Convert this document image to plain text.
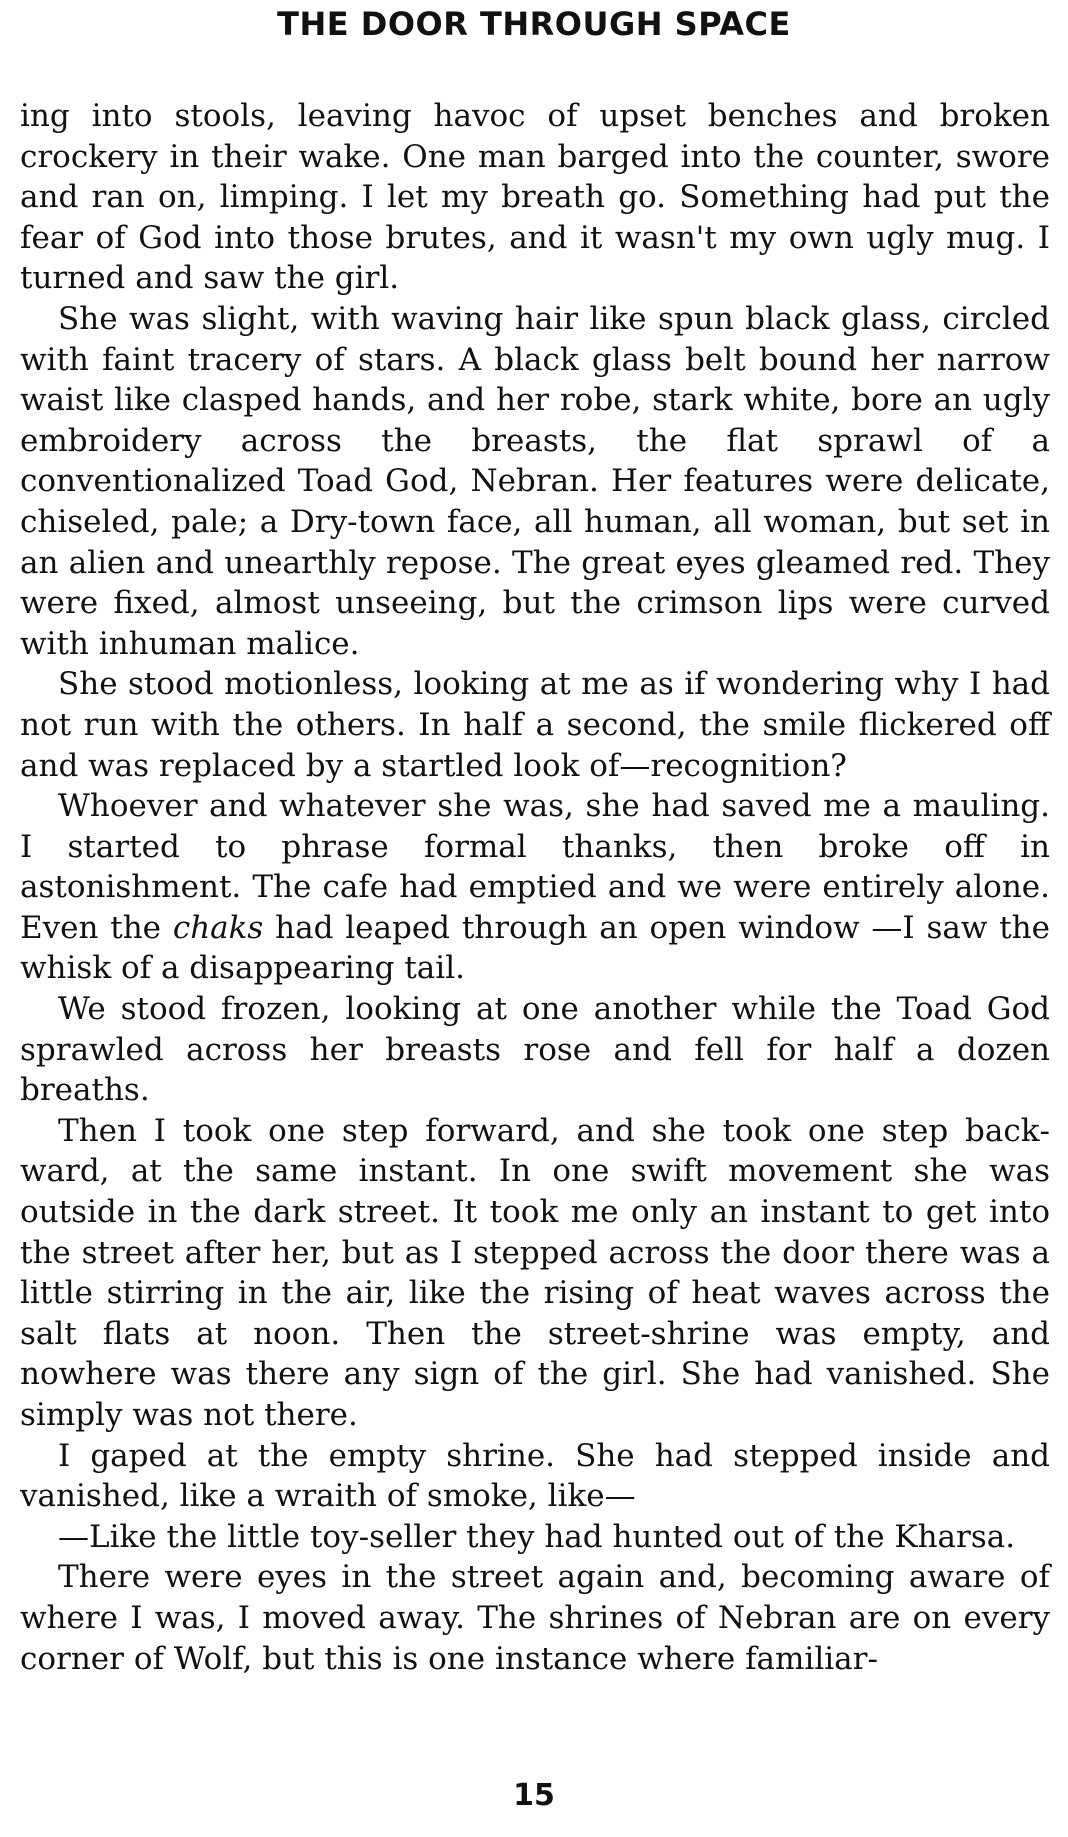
THE DOOR THROUGH SPACE

ing into stools, leaving havoc of upset benches and broken crockery in their wake. One man barged into the counter, swore and ran on, limping. I let my breath go. Something had put the fear of God into those brutes, and it wasn't my own ugly mug. I turned and saw the girl.

She was slight, with waving hair like spun black glass, circled with faint tracery of stars. A black glass belt bound her narrow waist like clasped hands, and her robe, stark white, bore an ugly embroidery across the breasts, the flat sprawl of a conventionalized Toad God, Nebran. Her features were delicate, chiseled, pale; a Dry-town face, all human, all woman, but set in an alien and unearthly repose. The great eyes gleamed red. They were fixed, almost unseeing, but the crimson lips were curved with inhuman malice.

She stood motionless, looking at me as if wondering why I had not run with the others. In half a second, the smile flickered off and was replaced by a startled look of—recognition?

Whoever and whatever she was, she had saved me a mauling. I started to phrase formal thanks, then broke off in astonishment. The cafe had emptied and we were entirely alone. Even the chaks had leaped through an open window —I saw the whisk of a disappearing tail.

We stood frozen, looking at one another while the Toad God sprawled across her breasts rose and fell for half a dozen breaths.

Then I took one step forward, and she took one step backward, at the same instant. In one swift movement she was outside in the dark street. It took me only an instant to get into the street after her, but as I stepped across the door there was a little stirring in the air, like the rising of heat waves across the salt flats at noon. Then the street-shrine was empty, and nowhere was there any sign of the girl. She had vanished. She simply was not there.

I gaped at the empty shrine. She had stepped inside and vanished, like a wraith of smoke, like—

—Like the little toy-seller they had hunted out of the Kharsa.

There were eyes in the street again and, becoming aware of where I was, I moved away. The shrines of Nebran are on every corner of Wolf, but this is one instance where familiar-

15
